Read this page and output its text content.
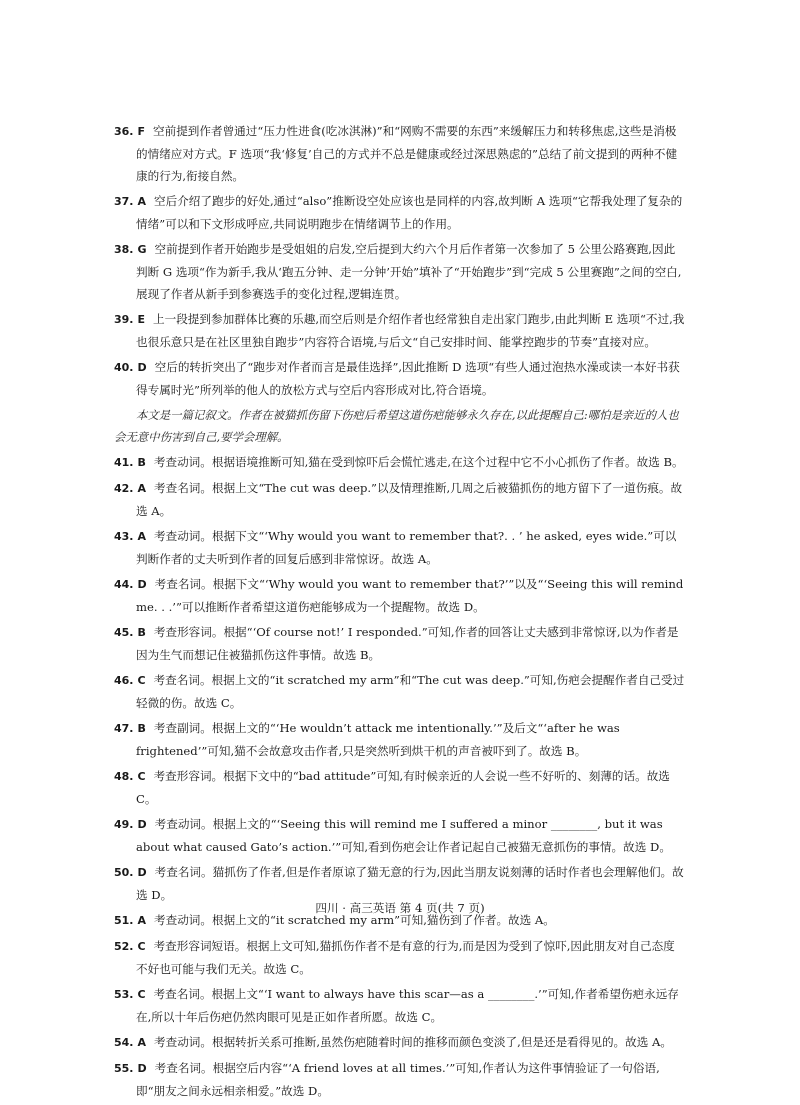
36. F 空前提到作者曾通过“压力性进食(吃冰淇淋)”和“网购不需要的东西”来缓解压力和转移焦虑,这些是消极的情绪应对方式。F 选项“我‘修复’自己的方式并不总是健康或经过深思熟虑的”总结了前文提到的两种不健康的行为,衔接自然。

37. A 空后介绍了跑步的好处,通过“also”推断设空处应该也是同样的内容,故判断 A 选项“它帮我处理了复杂的情绪”可以和下文形成呼应,共同说明跑步在情绪调节上的作用。

38. G 空前提到作者开始跑步是受姐姐的启发,空后提到大约六个月后作者第一次参加了 5 公里公路赛跑,因此判断 G 选项“作为新手,我从‘跑五分钟、走一分钟’开始”填补了“开始跑步”到“完成 5 公里赛跑”之间的空白,展现了作者从新手到参赛选手的变化过程,逻辑连贯。

39. E 上一段提到参加群体比赛的乐趣,而空后则是介绍作者也经常独自走出家门跑步,由此判断 E 选项“不过,我也很乐意只是在社区里独自跑步”内容符合语境,与后文“自己安排时间、能掌控跑步的节奏”直接对应。

40. D 空后的转折突出了“跑步对作者而言是最佳选择”,因此推断 D 选项“有些人通过泡热水澡或读一本好书获得专属时光”所列举的他人的放松方式与空后内容形成对比,符合语境。

本文是一篇记叙文。作者在被猫抓伤留下伤疤后希望这道伤疤能够永久存在,以此提醒自己:哪怕是亲近的人也会无意中伤害到自己,要学会理解。

41. B 考查动词。根据语境推断可知,猫在受到惊吓后会慌忙逃走,在这个过程中它不小心抓伤了作者。故选 B。

42. A 考查名词。根据上文“The cut was deep.”以及情理推断,几周之后被猫抓伤的地方留下了一道伤痕。故选 A。

43. A 考查动词。根据下文“‘Why would you want to remember that?. . ’ he asked, eyes wide.”可以判断作者的丈夫听到作者的回复后感到非常惊讶。故选 A。

44. D 考查名词。根据下文“‘Why would you want to remember that?’”以及“‘Seeing this will remind me. . .’”可以推断作者希望这道伤疤能够成为一个提醒物。故选 D。

45. B 考查形容词。根据“‘Of course not!’ I responded.”可知,作者的回答让丈夫感到非常惊讶,以为作者是因为生气而想记住被猫抓伤这件事情。故选 B。

46. C 考查名词。根据上文的“it scratched my arm”和“The cut was deep.”可知,伤疤会提醒作者自己受过轻微的伤。故选 C。

47. B 考查副词。根据上文的“‘He wouldn’t attack me intentionally.’”及后文“‘after he was frightened’”可知,猫不会故意攻击作者,只是突然听到烘干机的声音被吓到了。故选 B。

48. C 考查形容词。根据下文中的“bad attitude”可知,有时候亲近的人会说一些不好听的、刻薄的话。故选 C。

49. D 考查动词。根据上文的“‘Seeing this will remind me I suffered a minor ________, but it was about what caused Gato’s action.’”可知,看到伤疤会让作者记起自己被猫无意抓伤的事情。故选 D。

50. D 考查名词。猫抓伤了作者,但是作者原谅了猫无意的行为,因此当朋友说刻薄的话时作者也会理解他们。故选 D。

51. A 考查动词。根据上文的“it scratched my arm”可知,猫伤到了作者。故选 A。

52. C 考查形容词短语。根据上文可知,猫抓伤作者不是有意的行为,而是因为受到了惊吓,因此朋友对自己态度不好也可能与我们无关。故选 C。

53. C 考查名词。根据上文“‘I want to always have this scar—as a ________.’”可知,作者希望伤疤永远存在,所以十年后伤疤仍然肉眼可见是正如作者所愿。故选 C。

54. A 考查动词。根据转折关系可推断,虽然伤疤随着时间的推移而颜色变淡了,但是还是看得见的。故选 A。

55. D 考查名词。根据空后内容“‘A friend loves at all times.’”可知,作者认为这件事情验证了一句俗语,即“朋友之间永远相亲相爱。”故选 D。

四川 · 高三英语 第 4 页(共 7 页)
